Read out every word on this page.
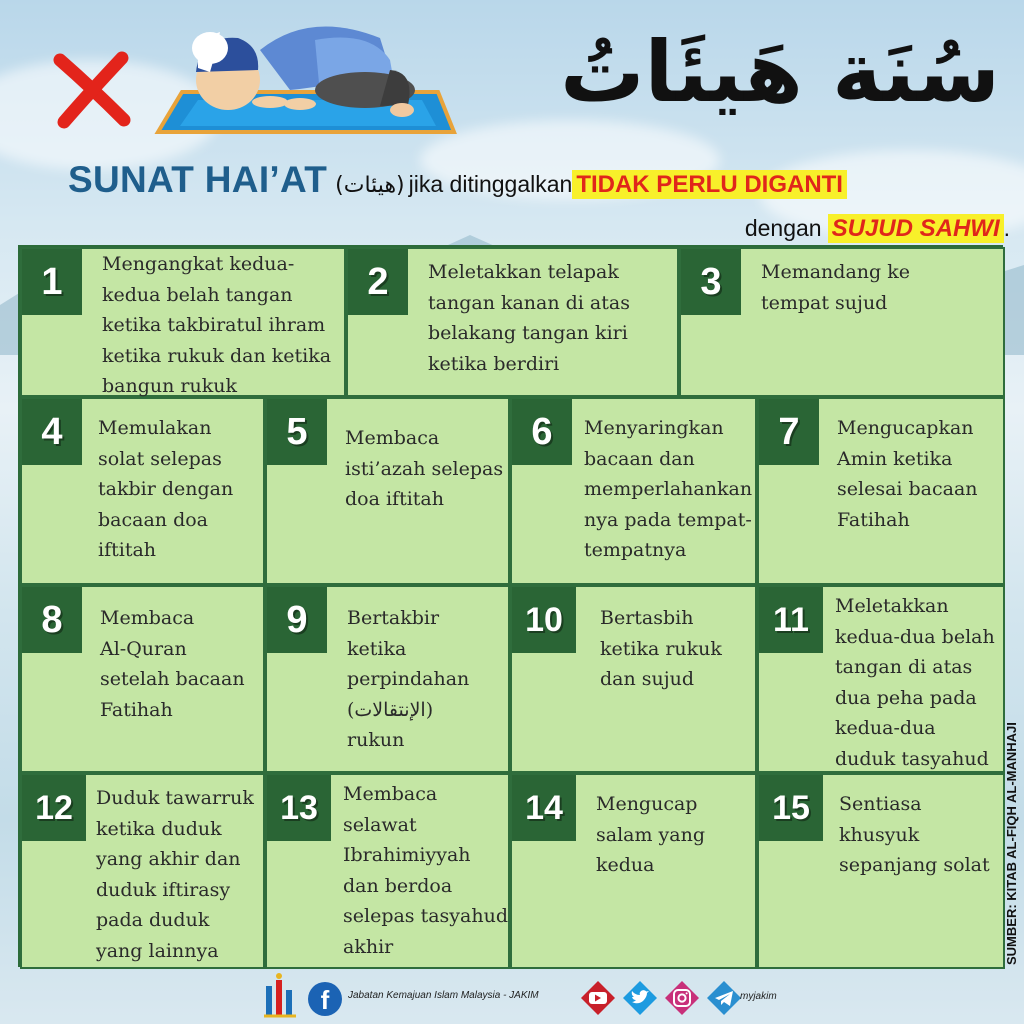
سُنَة هَيئَاتُ
SUNAT HAI’AT (هيئات) jika ditinggalkan TIDAK PERLU DIGANTI
dengan SUJUD SAHWI .
1	Mengangkat kedua-
kedua belah tangan
ketika takbiratul ihram
ketika rukuk dan ketika
bangun rukuk
2	Meletakkan telapak
tangan kanan di atas
belakang tangan kiri
ketika berdiri
3	Memandang ke
tempat sujud
4	Memulakan
solat selepas
takbir dengan
bacaan doa
iftitah
5	Membaca
isti’azah selepas
doa iftitah
6	Menyaringkan
bacaan dan
memperlahankan
nya pada tempat-
tempatnya
7	Mengucapkan
Amin ketika
selesai bacaan
Fatihah
8	Membaca
Al-Quran
setelah bacaan
Fatihah
9	Bertakbir
ketika
perpindahan
(الإنتقالات)
rukun
10	Bertasbih
ketika rukuk
dan sujud
11	Meletakkan
kedua-dua belah
tangan di atas
dua peha pada
kedua-dua
duduk tasyahud
12	Duduk tawarruk
ketika duduk
yang akhir dan
duduk iftirasy
pada duduk
yang lainnya
13	Membaca
selawat
Ibrahimiyyah
dan berdoa
selepas tasyahud
akhir
14	Mengucap
salam yang
kedua
15	Sentiasa
khusyuk
sepanjang solat SUMBER: KITAB AL-FIQH AL-MANHAJI
f	Jabatan Kemajuan Islam Malaysia - JAKIM	myjakim
